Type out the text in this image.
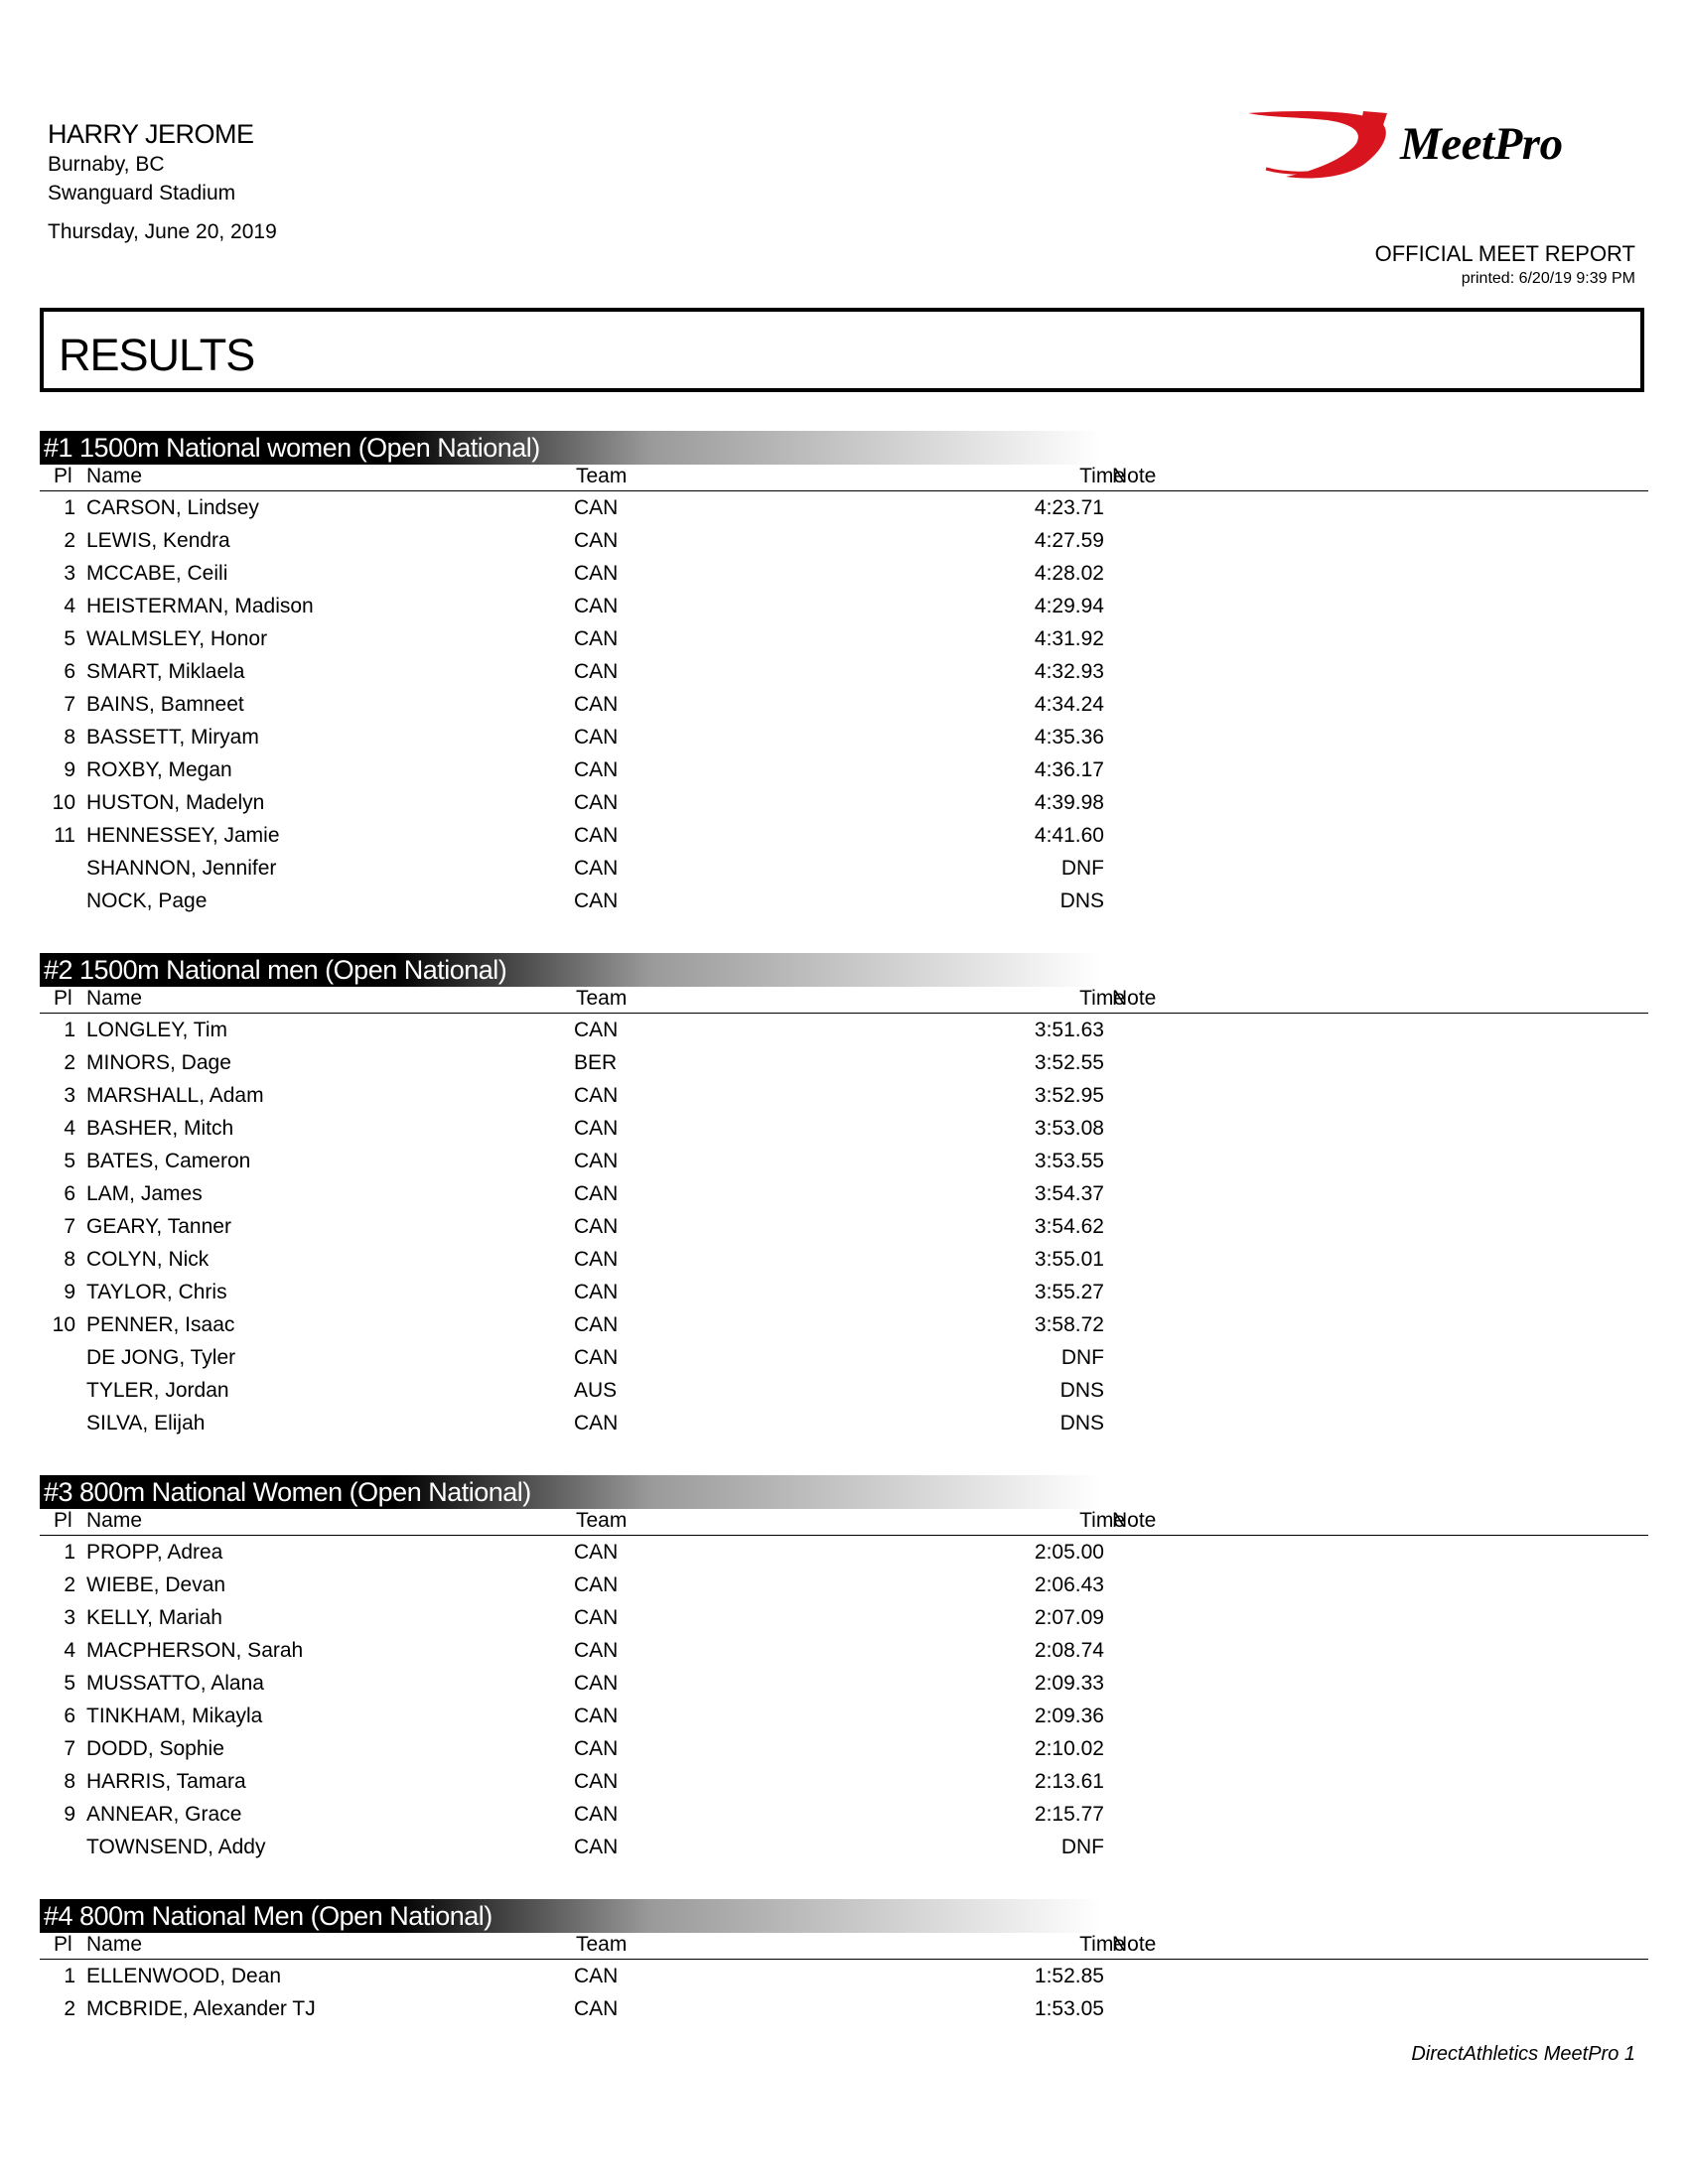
HARRY JEROME
Burnaby, BC
Swanguard Stadium
Thursday, June 20, 2019
MeetPro
OFFICIAL MEET REPORT
printed: 6/20/19 9:39 PM
RESULTS
#1 1500m National women (Open National)
Pl Name	Team	Time
Note
1 CARSON, Lindsey	CAN	4:23.71
2 LEWIS, Kendra	CAN	4:27.59
3 MCCABE, Ceili	CAN	4:28.02
4 HEISTERMAN, Madison	CAN	4:29.94
5 WALMSLEY, Honor	CAN	4:31.92
6 SMART, Miklaela	CAN	4:32.93
7 BAINS, Bamneet	CAN	4:34.24
8 BASSETT, Miryam	CAN	4:35.36
9 ROXBY, Megan	CAN	4:36.17
10 HUSTON, Madelyn	CAN	4:39.98
11 HENNESSEY, Jamie	CAN	4:41.60
SHANNON, Jennifer	CAN	DNF
NOCK, Page	CAN	DNS
#2 1500m National men (Open National)
Pl Name	Team	Time
Note
1 LONGLEY, Tim	CAN	3:51.63
2 MINORS, Dage	BER	3:52.55
3 MARSHALL, Adam	CAN	3:52.95
4 BASHER, Mitch	CAN	3:53.08
5 BATES, Cameron	CAN	3:53.55
6 LAM, James	CAN	3:54.37
7 GEARY, Tanner	CAN	3:54.62
8 COLYN, Nick	CAN	3:55.01
9 TAYLOR, Chris	CAN	3:55.27
10 PENNER, Isaac	CAN	3:58.72
DE JONG, Tyler	CAN	DNF
TYLER, Jordan	AUS	DNS
SILVA, Elijah	CAN	DNS
#3 800m National Women (Open National)
Pl Name	Team	Time
Note
1 PROPP, Adrea	CAN	2:05.00
2 WIEBE, Devan	CAN	2:06.43
3 KELLY, Mariah	CAN	2:07.09
4 MACPHERSON, Sarah	CAN	2:08.74
5 MUSSATTO, Alana	CAN	2:09.33
6 TINKHAM, Mikayla	CAN	2:09.36
7 DODD, Sophie	CAN	2:10.02
8 HARRIS, Tamara	CAN	2:13.61
9 ANNEAR, Grace	CAN	2:15.77
TOWNSEND, Addy	CAN	DNF
#4 800m National Men (Open National)
Pl Name	Team	Time
Note
1 ELLENWOOD, Dean	CAN	1:52.85
2 MCBRIDE, Alexander TJ	CAN	1:53.05
DirectAthletics MeetPro 1
